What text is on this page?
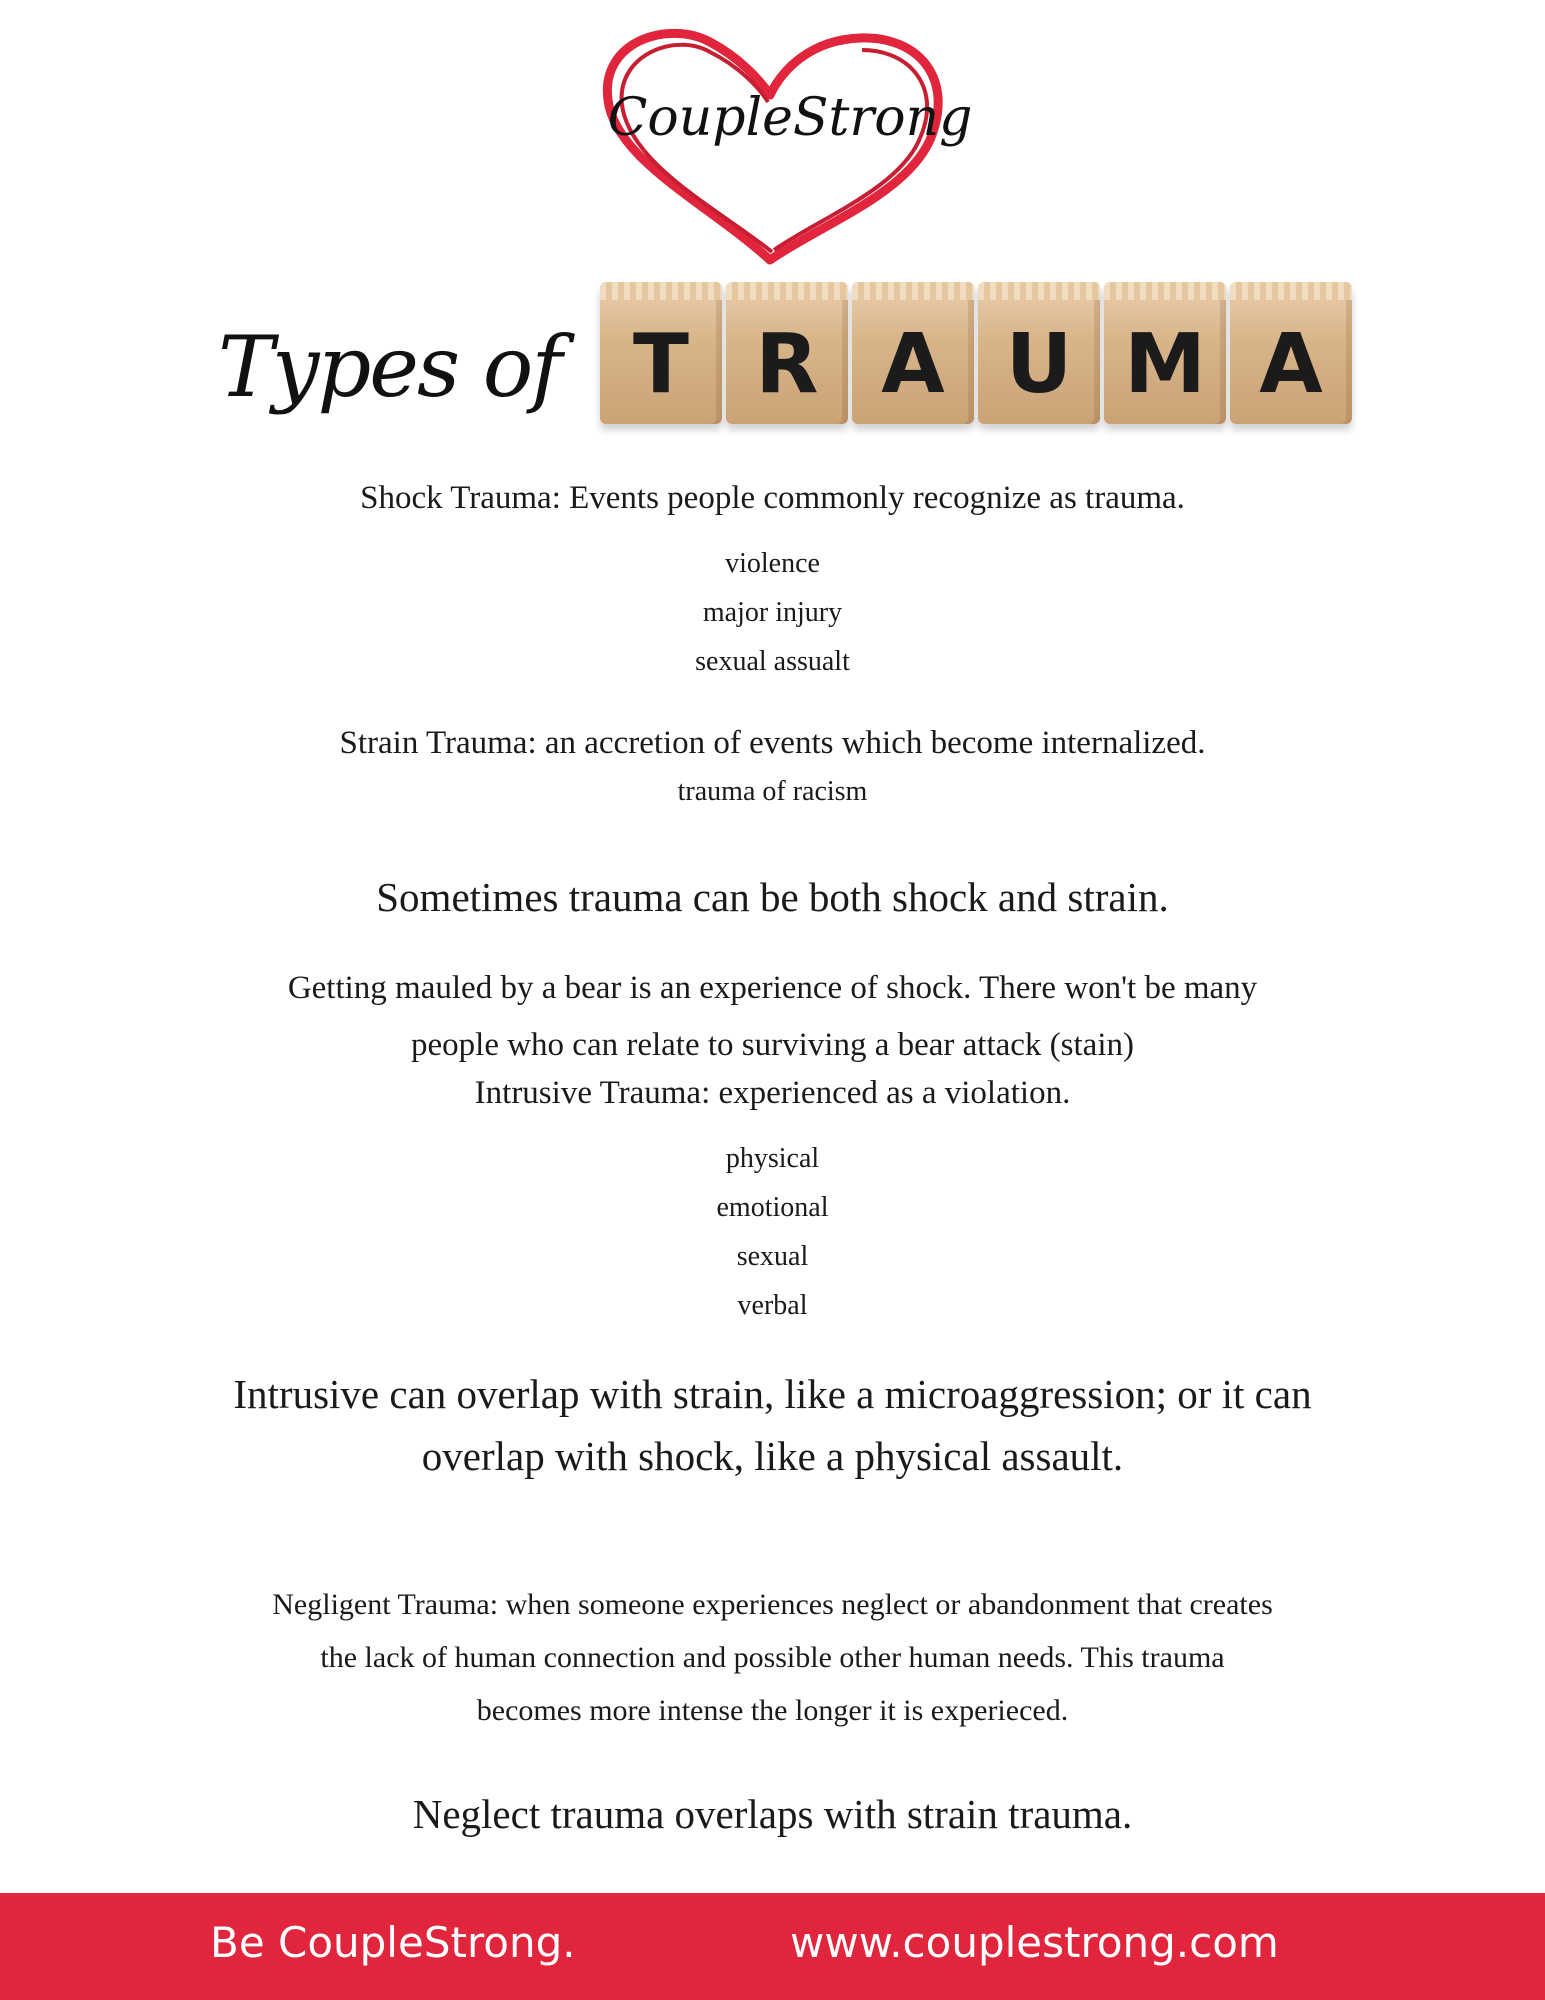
CoupleStrong
Types of T R A U M A
Shock Trauma: Events people commonly recognize as trauma.
violence
major injury
sexual assualt
Strain Trauma: an accretion of events which become internalized.
trauma of racism
Sometimes trauma can be both shock and strain.
Getting mauled by a bear is an experience of shock. There won't be many
people who can relate to surviving a bear attack (stain)
Intrusive Trauma: experienced as a violation.
physical
emotional
sexual
verbal
Intrusive can overlap with strain, like a microaggression; or it can
overlap with shock, like a physical assault.
Negligent Trauma: when someone experiences neglect or abandonment that creates
the lack of human connection and possible other human needs. This trauma
becomes more intense the longer it is experieced.
Neglect trauma overlaps with strain trauma.
Be CoupleStrong.	www.couplestrong.com
